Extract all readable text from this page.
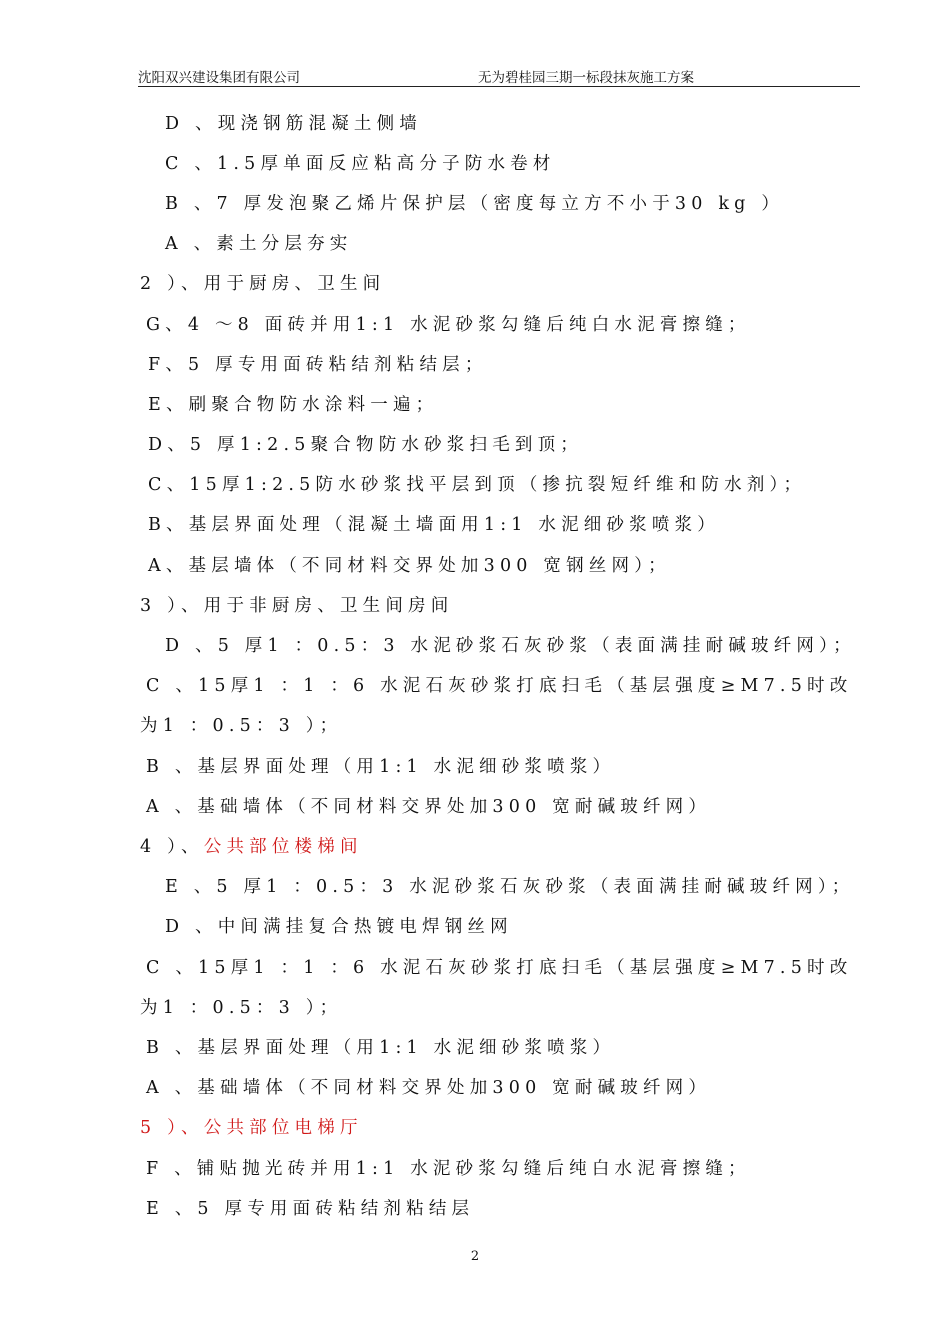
沈阳双兴建设集团有限公司	无为碧桂园三期一标段抹灰施工方案
D 、现浇钢筋混凝土侧墙
C 、1.5厚单面反应粘高分子防水卷材
B 、7 厚发泡聚乙烯片保护层（密度每立方不小于30 kg ）
A 、素土分层夯实
2 ）、用于厨房、卫生间
G、4 ～8 面砖并用1:1 水泥砂浆勾缝后纯白水泥膏擦缝；
F、5 厚专用面砖粘结剂粘结层；
E、刷聚合物防水涂料一遍；
D、5 厚1:2.5聚合物防水砂浆扫毛到顶；
C、15厚1:2.5防水砂浆找平层到顶（掺抗裂短纤维和防水剂）；
B、基层界面处理（混凝土墙面用1:1 水泥细砂浆喷浆）
A、基层墙体（不同材料交界处加300 宽钢丝网）；
3 ）、用于非厨房、卫生间房间
D 、5 厚1 ：0.5：3 水泥砂浆石灰砂浆（表面满挂耐碱玻纤网）；
C 、15厚1 ：1 ：6 水泥石灰砂浆打底扫毛（基层强度≥M7.5时改
为1 ：0.5：3 ）；
B 、基层界面处理（用1:1 水泥细砂浆喷浆）
A 、基础墙体（不同材料交界处加300 宽耐碱玻纤网）
4 ）、公共部位楼梯间
E 、5 厚1 ：0.5：3 水泥砂浆石灰砂浆（表面满挂耐碱玻纤网）；
D 、中间满挂复合热镀电焊钢丝网
C 、15厚1 ：1 ：6 水泥石灰砂浆打底扫毛（基层强度≥M7.5时改
为1 ：0.5：3 ）；
B 、基层界面处理（用1:1 水泥细砂浆喷浆）
A 、基础墙体（不同材料交界处加300 宽耐碱玻纤网）
5 ）、公共部位电梯厅
F 、铺贴抛光砖并用1:1 水泥砂浆勾缝后纯白水泥膏擦缝；
E 、5 厚专用面砖粘结剂粘结层
2
